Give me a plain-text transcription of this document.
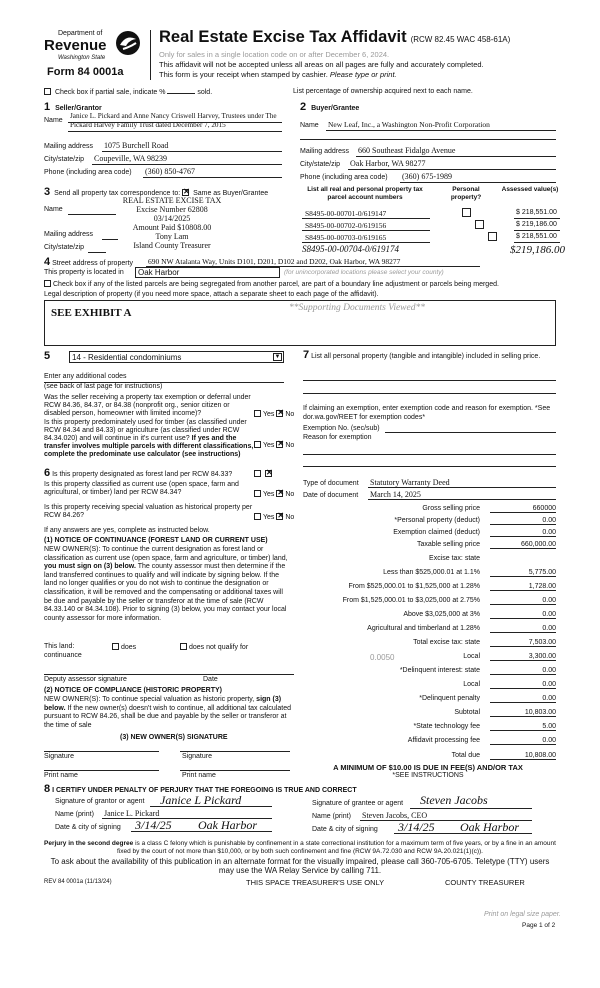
Department of
Revenue
Washington State
Form 84 0001a
Real Estate Excise Tax Affidavit (RCW 82.45 WAC 458-61A)
Only for sales in a single location code on or after December 6, 2024.
This affidavit will not be accepted unless all areas on all pages are fully and accurately completed.
This form is your receipt when stamped by cashier. Please type or print.
Check box if partial sale, indicate %	sold.	List percentage of ownership acquired next to each name.
1 Seller/Grantor
Name
Janice L. Pickard and Anne Nancy Criswell Harvey, Trustees under The Pickard Harvey Family Trust dated December 7, 2015
Mailing address 1075 Burchell Road
City/state/zip Coupeville, WA 98239
Phone (including area code) (360) 850-4767
2 Buyer/Grantee
Name New Leaf, Inc., a Washington Non-Profit Corporation
Mailing address 660 Southeast Fidalgo Avenue
City/state/zip Oak Harbor, WA 98277
Phone (including area code) (360) 675-1989
3 Send all property tax correspondence to: ✕ Same as Buyer/Grantee
Name
Mailing address
City/state/zip
REAL ESTATE EXCISE TAX
Excise Number 62808
03/14/2025
Amount Paid $10808.00
Tony Lam
Island County Treasurer
List all real and personal property tax parcel account numbers
Personal property?
Assessed value(s)
S8495-00-00701-0/619147
	$ 218,551.00
S8495-00-00702-0/619156
	$ 219,186.00
S8495-00-00703-0/619165	$ 218,551.00
S8495-00-00704-0/619174	$219,186.00
4 Street address of property 690 NW Atalanta Way, Units D101, D201, D102 and D202, Oak Harbor, WA 98277
This property is located in	Oak Harbor	(for unincorporated locations please select your county)
Check box if any of the listed parcels are being segregated from another parcel, are part of a boundary line adjustment or parcels being merged.
Legal description of property (if you need more space, attach a separate sheet to each page of the affidavit).
SEE EXHIBIT A	**Supporting Documents Viewed**
5	14 - Residential condominiums	▼
Enter any additional codes
(see back of last page for instructions)
Was the seller receiving a property tax exemption or deferral under RCW 84.36, 84.37, or 84.38 (nonprofit org., senior citizen or disabled person, homeowner with limited income)?	Yes ✕ No
Is this property predominately used for timber (as classified under RCW 84.34 and 84.33) or agriculture (as classified under RCW 84.34.020) and will continue in it's current use? If yes and the transfer involves multiple parcels with different classifications, complete the predominate use calculator (see instructions)
Yes ✕ No
6 Is this property designated as forest land per RCW 84.33?
✕
Is this property classified as current use (open space, farm and agricultural, or timber) land per RCW 84.34?	Yes ✕ No
Is this property receiving special valuation as historical property per RCW 84.26?	Yes ✕ No
If any answers are yes, complete as instructed below.
(1) NOTICE OF CONTINUANCE (FOREST LAND OR CURRENT USE)
NEW OWNER(S): To continue the current designation as forest land or classification as current use (open space, farm and agriculture, or timber) land, you must sign on (3) below. The county assessor must then determine if the land transferred continues to qualify and will indicate by signing below. If the land no longer qualifies or you do not wish to continue the designation or classification, it will be removed and the compensating or additional taxes will be due and payable by the seller or transferor at the time of sale (RCW 84.33.140 or 84.34.108). Prior to signing (3) below, you may contact your local county assessor for more information.
This land:
continuance
does	does not qualify for
Deputy assessor signature	Date
(2) NOTICE OF COMPLIANCE (HISTORIC PROPERTY)
NEW OWNER(S): To continue special valuation as historic property, sign (3) below. If the new owner(s) doesn't wish to continue, all additional tax calculated pursuant to RCW 84.26, shall be due and payable by the seller or transferor at the time of sale
(3) NEW OWNER(S) SIGNATURE
Signature	Signature
Print name	Print name
7 List all personal property (tangible and intangible) included in selling price.
If claiming an exemption, enter exemption code and reason for exemption. *See dor.wa.gov/REET for exemption codes*
Exemption No. (sec/sub)
Reason for exemption
Type of document Statutory Warranty Deed
Date of document March 14, 2025
Gross selling price	660000
*Personal property (deduct)	0.00
Exemption claimed (deduct)	0.00
Taxable selling price	660,000.00
Excise tax: state
Less than $525,000.01 at 1.1%	5,775.00
From $525,000.01 to $1,525,000 at 1.28%	1,728.00
From $1,525,000.01 to $3,025,000 at 2.75%	0.00
Above $3,025,000 at 3%	0.00
Agricultural and timberland at 1.28%	0.00
Total excise tax: state	7,503.00
0.0050	Local	3,300.00
*Delinquent interest: state	0.00
Local	0.00
*Delinquent penalty	0.00
Subtotal	10,803.00
*State technology fee	5.00
Affidavit processing fee	0.00
Total due	10,808.00
A MINIMUM OF $10.00 IS DUE IN FEE(S) AND/OR TAX
*SEE INSTRUCTIONS
8 I CERTIFY UNDER PENALTY OF PERJURY THAT THE FOREGOING IS TRUE AND CORRECT
Signature of grantor or agent Janice L Pickard
Name (print) Janice L. Pickard
Date & city of signing 3/14/25 Oak Harbor
Signature of grantee or agent Steven Jacobs
Name (print) Steven Jacobs, CEO
Date & city of signing 3/14/25 Oak Harbor
Perjury in the second degree is a class C felony which is punishable by confinement in a state correctional institution for a maximum term of five years, or by a fine in an amount fixed by the court of not more than $10,000, or by both such confinement and fine (RCW 9A.72.030 and RCW 9A.20.021(1)(c)).
To ask about the availability of this publication in an alternate format for the visually impaired, please call 360-705-6705. Teletype (TTY) users may use the WA Relay Service by calling 711.
REV 84 0001a (11/13/24)	THIS SPACE TREASURER'S USE ONLY	COUNTY TREASURER
Print on legal size paper.
Page 1 of 2
